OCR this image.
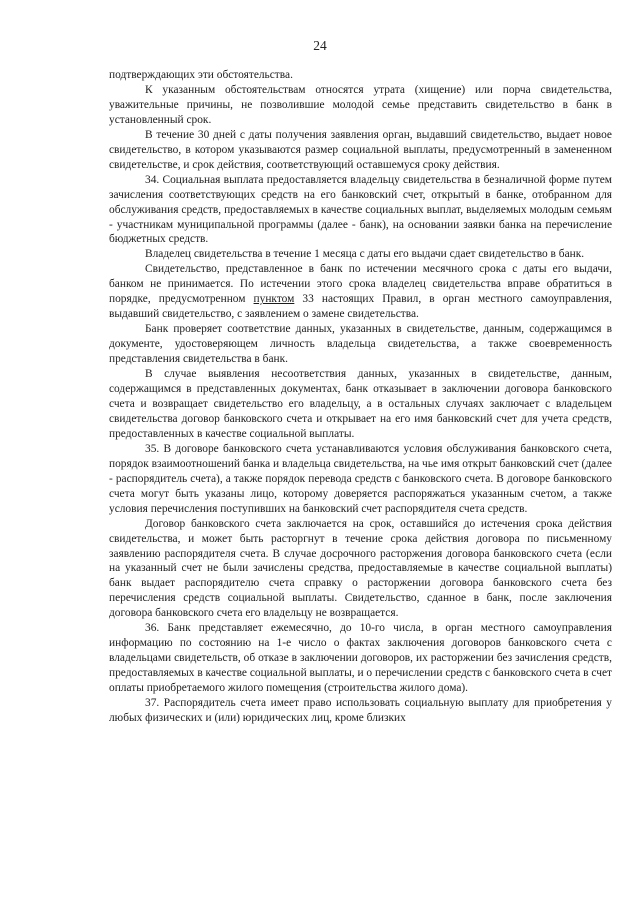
24

подтверждающих эти обстоятельства.

К указанным обстоятельствам относятся утрата (хищение) или порча свидетельства, уважительные причины, не позволившие молодой семье представить свидетельство в банк в установленный срок.

В течение 30 дней с даты получения заявления орган, выдавший свидетельство, выдает новое свидетельство, в котором указываются размер социальной выплаты, предусмотренный в замененном свидетельстве, и срок действия, соответствующий оставшемуся сроку действия.

34. Социальная выплата предоставляется владельцу свидетельства в безналичной форме путем зачисления соответствующих средств на его банковский счет, открытый в банке, отобранном для обслуживания средств, предоставляемых в качестве социальных выплат, выделяемых молодым семьям - участникам муниципальной программы (далее - банк), на основании заявки банка на перечисление бюджетных средств.

Владелец свидетельства в течение 1 месяца с даты его выдачи сдает свидетельство в банк.

Свидетельство, представленное в банк по истечении месячного срока с даты его выдачи, банком не принимается. По истечении этого срока владелец свидетельства вправе обратиться в порядке, предусмотренном пунктом 33 настоящих Правил, в орган местного самоуправления, выдавший свидетельство, с заявлением о замене свидетельства.

Банк проверяет соответствие данных, указанных в свидетельстве, данным, содержащимся в документе, удостоверяющем личность владельца свидетельства, а также своевременность представления свидетельства в банк.

В случае выявления несоответствия данных, указанных в свидетельстве, данным, содержащимся в представленных документах, банк отказывает в заключении договора банковского счета и возвращает свидетельство его владельцу, а в остальных случаях заключает с владельцем свидетельства договор банковского счета и открывает на его имя банковский счет для учета средств, предоставленных в качестве социальной выплаты.

35. В договоре банковского счета устанавливаются условия обслуживания банковского счета, порядок взаимоотношений банка и владельца свидетельства, на чье имя открыт банковский счет (далее - распорядитель счета), а также порядок перевода средств с банковского счета. В договоре банковского счета могут быть указаны лицо, которому доверяется распоряжаться указанным счетом, а также условия перечисления поступивших на банковский счет распорядителя счета средств.

Договор банковского счета заключается на срок, оставшийся до истечения срока действия свидетельства, и может быть расторгнут в течение срока действия договора по письменному заявлению распорядителя счета. В случае досрочного расторжения договора банковского счета (если на указанный счет не были зачислены средства, предоставляемые в качестве социальной выплаты) банк выдает распорядителю счета справку о расторжении договора банковского счета без перечисления средств социальной выплаты. Свидетельство, сданное в банк, после заключения договора банковского счета его владельцу не возвращается.

36. Банк представляет ежемесячно, до 10-го числа, в орган местного самоуправления информацию по состоянию на 1-е число о фактах заключения договоров банковского счета с владельцами свидетельств, об отказе в заключении договоров, их расторжении без зачисления средств, предоставляемых в качестве социальной выплаты, и о перечислении средств с банковского счета в счет оплаты приобретаемого жилого помещения (строительства жилого дома).

37. Распорядитель счета имеет право использовать социальную выплату для приобретения у любых физических и (или) юридических лиц, кроме близких
